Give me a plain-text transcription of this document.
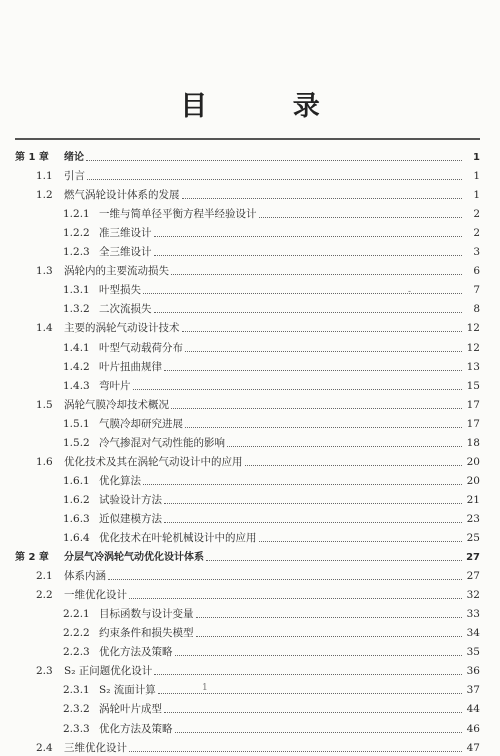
目 录
第 1 章	绪论	1
1.1	引言	1
1.2	燃气涡轮设计体系的发展	1
1.2.1 一维与简单径平衡方程半经验设计	2
1.2.2 准三维设计	2
1.2.3 全三维设计	3
1.3	涡轮内的主要流动损失	6
1.3.1 叶型损失	7
1.3.2 二次流损失	8
1.4	主要的涡轮气动设计技术	12
1.4.1 叶型气动载荷分布	12
1.4.2 叶片扭曲规律	13
1.4.3 弯叶片	15
1.5	涡轮气膜冷却技术概况	17
1.5.1 气膜冷却研究进展	17
1.5.2 冷气掺混对气动性能的影响	18
1.6	优化技术及其在涡轮气动设计中的应用	20
1.6.1 优化算法	20
1.6.2 试验设计方法	21
1.6.3 近似建模方法	23
1.6.4 优化技术在叶轮机械设计中的应用	25
第 2 章	分层气冷涡轮气动优化设计体系	27
2.1	体系内涵	27
2.2	一维优化设计	32
2.2.1 目标函数与设计变量	33
2.2.2 约束条件和损失模型	34
2.2.3 优化方法及策略	35
2.3	S₂ 正问题优化设计	36
2.3.1 S₂ 流面计算	37
2.3.2 涡轮叶片成型	44
2.3.3 优化方法及策略	46
2.4	三维优化设计	47
-
1
